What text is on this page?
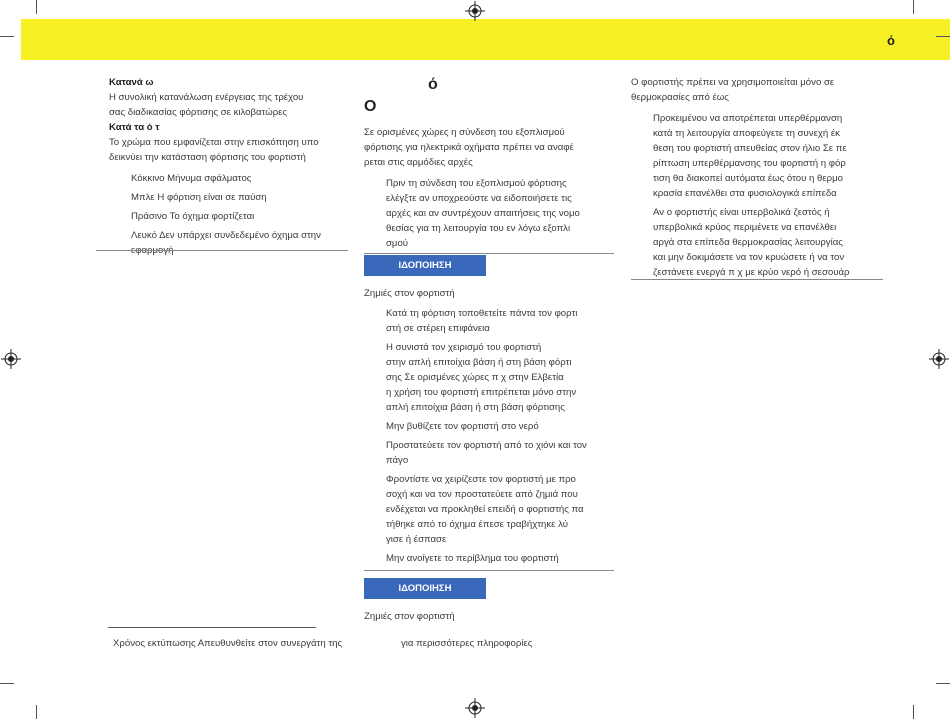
ό

Κατανά ω

Η συνολική κατανάλωση ενέργειας της τρέχου

σας διαδικασίας φόρτισης σε κιλοβατώρες

Κατά τα ό τ

Το χρώμα που εμφανίζεται στην επισκόπηση υπο

δεικνύει την κατάσταση φόρτισης του φορτιστή

Κόκκινο Μήνυμα σφάλματος

Μπλε Η φόρτιση είναι σε παύση

Πράσινο Το όχημα φορτίζεται

Λευκό Δεν υπάρχει συνδεδεμένο όχημα στην

ό

O

Σε ορισμένες χώρες η σύνδεση του εξοπλισμού

φόρτισης για ηλεκτρικά οχήματα πρέπει να αναφέ

ρεται στις αρμόδιες αρχές

Πριν τη σύνδεση του εξοπλισμού φόρτισης

ελέγξτε αν υποχρεούστε να ειδοποιήσετε τις

αρχές και αν συντρέχουν απαιτήσεις της νομο

θεσίας για τη λειτουργία του εν λόγω εξοπλι

σμού

ΙΔΟΠΟΙΗΣΗ

Ζημιές στον φορτιστή

Κατά τη φόρτιση τοποθετείτε πάντα τον φορτι

στή σε στέρεη επιφάνεια

Η συνιστά τον χειρισμό του φορτιστή

στην απλή επιτοίχια βάση ή στη βάση φόρτι

σης Σε ορισμένες χώρες π χ στην Ελβετία

η χρήση του φορτιστή επιτρέπεται μόνο στην

απλή επιτοίχια βάση ή στη βάση φόρτισης

Μην βυθίζετε τον φορτιστή στο νερό

Προστατεύετε τον φορτιστή από το χιόνι και τον

πάγο

Φροντίστε να χειρίζεστε τον φορτιστή με προ

σοχή και να τον προστατεύετε από ζημιά που

ενδέχεται να προκληθεί επειδή ο φορτιστής πα

τήθηκε από το όχημα έπεσε τραβήχτηκε λύ

γισε ή έσπασε

Μην ανοίγετε το περίβλημα του φορτιστή

ΙΔΟΠΟΙΗΣΗ

Ζημιές στον φορτιστή

Ο φορτιστής πρέπει να χρησιμοποιείται μόνο σε

θερμοκρασίες από έως

Προκειμένου να αποτρέπεται υπερθέρμανση

κατά τη λειτουργία αποφεύγετε τη συνεχή έκ

θεση του φορτιστή απευθείας στον ήλιο Σε πε

ρίπτωση υπερθέρμανσης του φορτιστή η φόρ

τιση θα διακοπεί αυτόματα έως ότου η θερμο

κρασία επανέλθει στα φυσιολογικά επίπεδα

Αν ο φορτιστής είναι υπερβολικά ζεστός ή

υπερβολικά κρύος περιμένετε να επανέλθει

αργά στα επίπεδα θερμοκρασίας λειτουργίας

και μην δοκιμάσετε να τον κρυώσετε ή να τον

ζεστάνετε ενεργά π χ με κρύο νερό ή σεσουάρ

Χρόνος εκτύπωσης Απευθυνθείτε στον συνεργάτη της	για περισσότερες πληροφορίες
